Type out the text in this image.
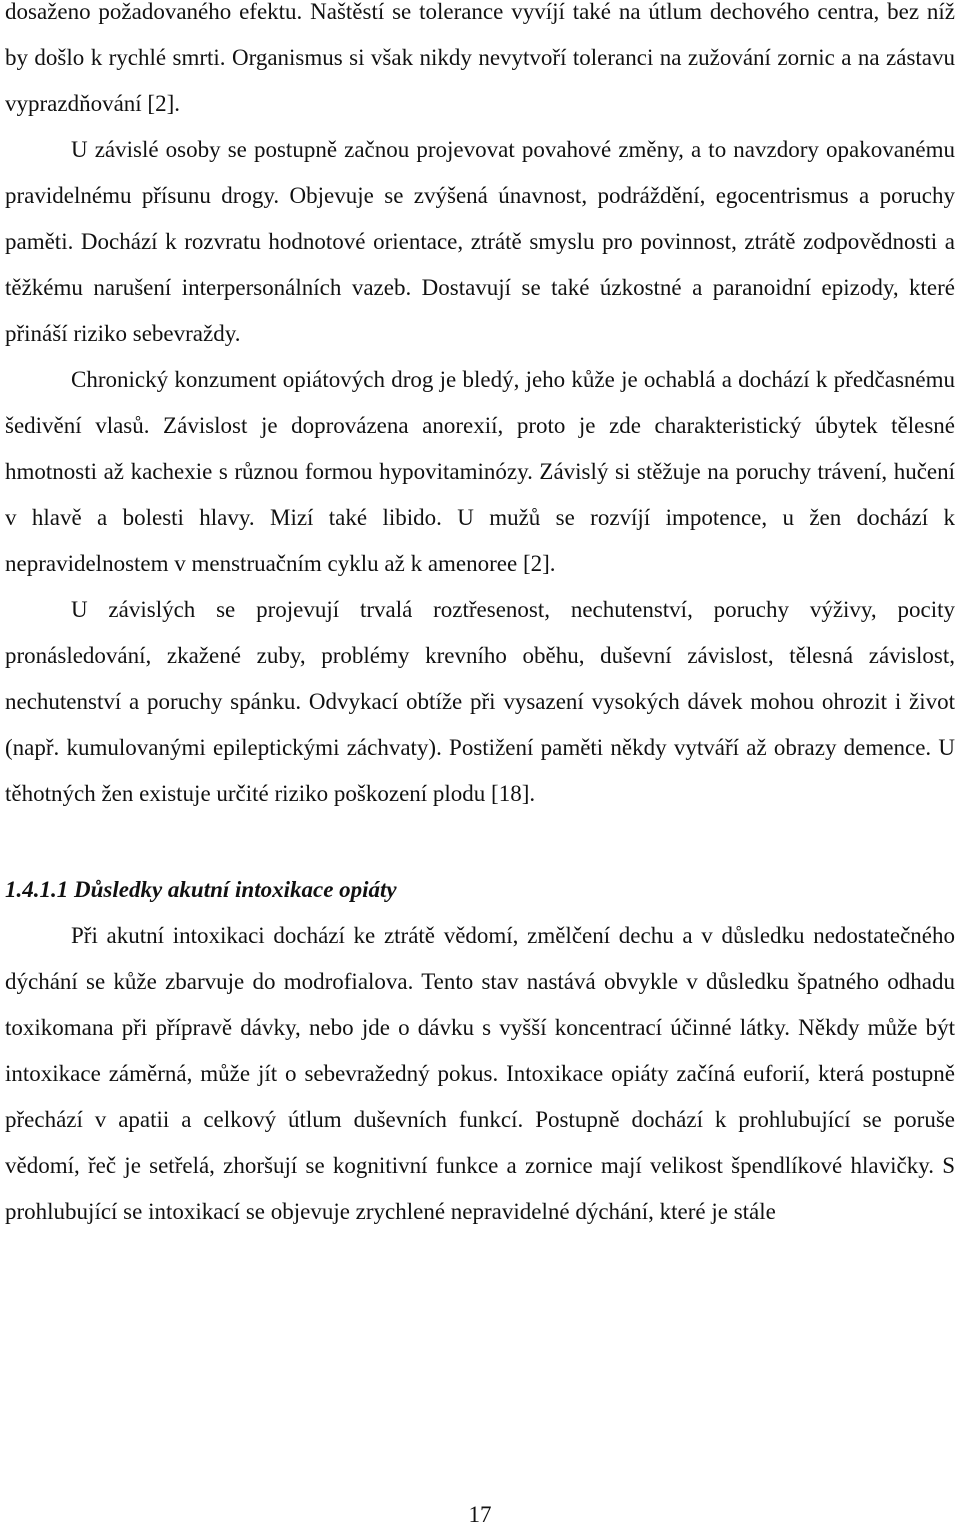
dosaženo požadovaného efektu. Naštěstí se tolerance vyvíjí také na útlum dechového centra, bez níž by došlo k rychlé smrti. Organismus si však nikdy nevytvoří toleranci na zužování zornic a na zástavu vyprazdňování [2].

U závislé osoby se postupně začnou projevovat povahové změny, a to navzdory opakovanému pravidelnému přísunu drogy. Objevuje se zvýšená únavnost, podráždění, egocentrismus a poruchy paměti. Dochází k rozvratu hodnotové orientace, ztrátě smyslu pro povinnost, ztrátě zodpovědnosti a těžkému narušení interpersonálních vazeb. Dostavují se také úzkostné a paranoidní epizody, které přináší riziko sebevraždy.

Chronický konzument opiátových drog je bledý, jeho kůže je ochablá a dochází k předčasnému šedivění vlasů. Závislost je doprovázena anorexií, proto je zde charakteristický úbytek tělesné hmotnosti až kachexie s různou formou hypovitaminózy. Závislý si stěžuje na poruchy trávení, hučení v hlavě a bolesti hlavy. Mizí také libido. U mužů se rozvíjí impotence, u žen dochází k nepravidelnostem v menstruačním cyklu až k amenoree [2].

U závislých se projevují trvalá roztřesenost, nechutenství, poruchy výživy, pocity pronásledování, zkažené zuby, problémy krevního oběhu, duševní závislost, tělesná závislost, nechutenství a poruchy spánku. Odvykací obtíže při vysazení vysokých dávek mohou ohrozit i život (např. kumulovanými epileptickými záchvaty). Postižení paměti někdy vytváří až obrazy demence. U těhotných žen existuje určité riziko poškození plodu [18].

1.4.1.1 Důsledky akutní intoxikace opiáty

Při akutní intoxikaci dochází ke ztrátě vědomí, změlčení dechu a v důsledku nedostatečného dýchání se kůže zbarvuje do modrofialova. Tento stav nastává obvykle v důsledku špatného odhadu toxikomana při přípravě dávky, nebo jde o dávku s vyšší koncentrací účinné látky. Někdy může být intoxikace záměrná, může jít o sebevražedný pokus. Intoxikace opiáty začíná euforií, která postupně přechází v apatii a celkový útlum duševních funkcí. Postupně dochází k prohlubující se poruše vědomí, řeč je setřelá, zhoršují se kognitivní funkce a zornice mají velikost špendlíkové hlavičky. S prohlubující se intoxikací se objevuje zrychlené nepravidelné dýchání, které je stále

17
